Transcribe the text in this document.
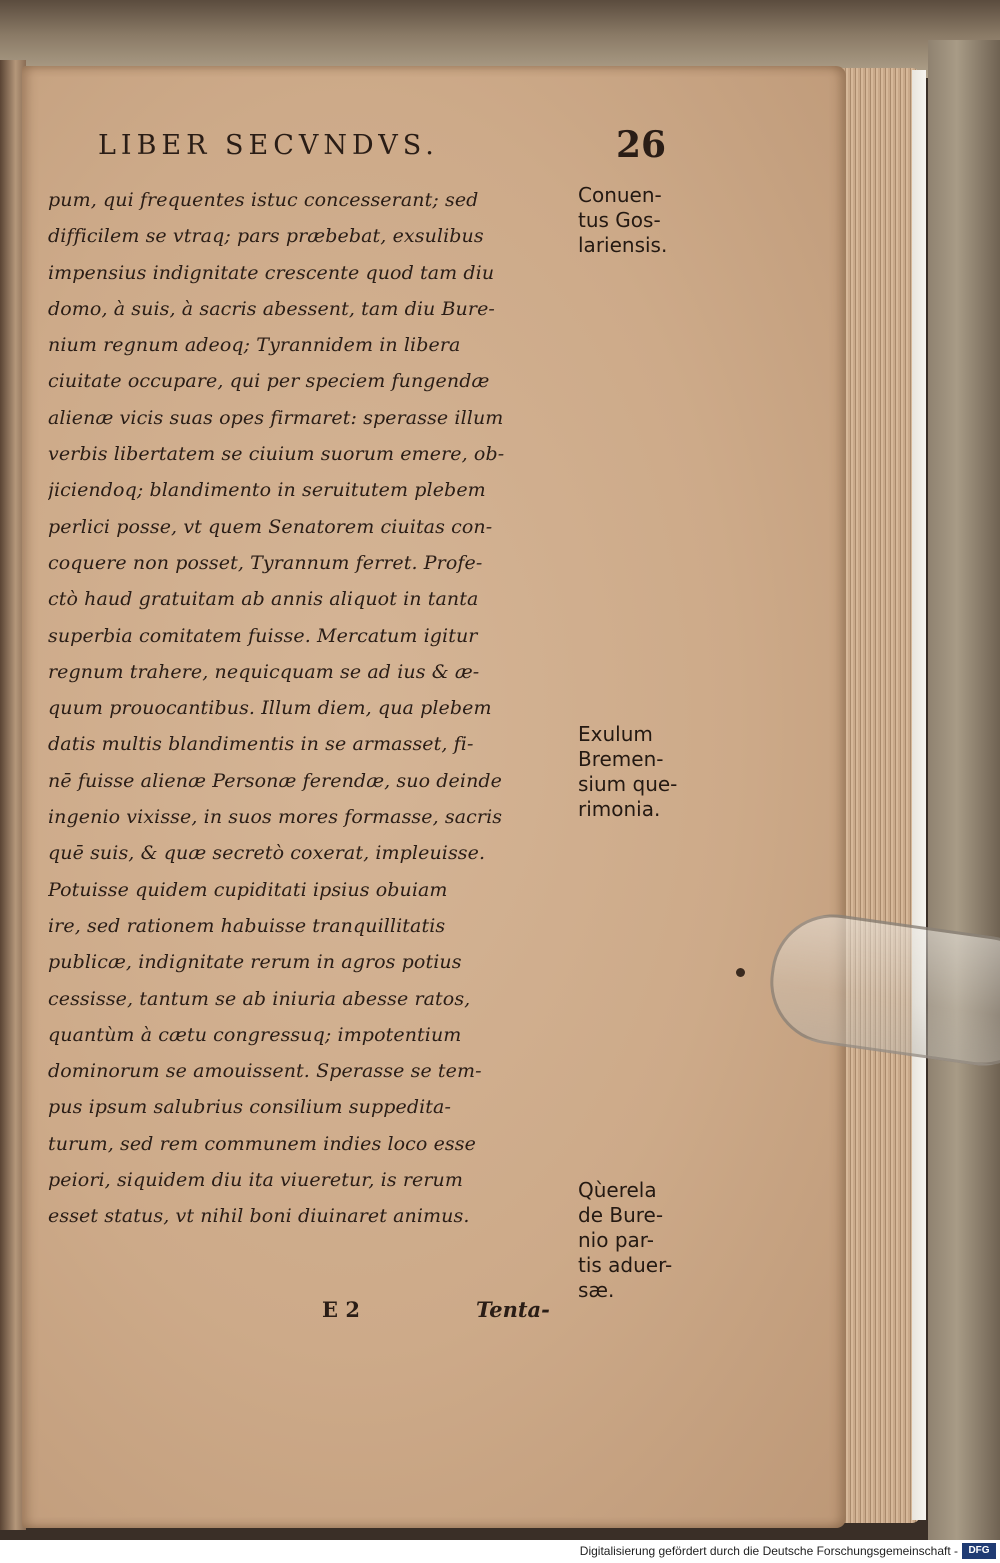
LIBER SECVNDVS.	26
pum, qui frequentes istuc concesserant; sed
difficilem se vtraq; pars præbebat, exsulibus
impensius indignitate crescente quod tam diu
domo, à suis, à sacris abessent, tam diu Bure-
nium regnum adeoq; Tyrannidem in libera
ciuitate occupare, qui per speciem fungendæ
alienæ vicis suas opes firmaret: sperasse illum
verbis libertatem se ciuium suorum emere, ob-
jiciendoq; blandimento in seruitutem plebem
perlici posse, vt quem Senatorem ciuitas con-
coquere non posset, Tyrannum ferret. Profe-
ctò haud gratuitam ab annis aliquot in tanta
superbia comitatem fuisse. Mercatum igitur
regnum trahere, nequicquam se ad ius & æ-
quum prouocantibus. Illum diem, qua plebem
datis multis blandimentis in se armasset, fi-
nē fuisse alienæ Personæ ferendæ, suo deinde
ingenio vixisse, in suos mores formasse, sacris
quē suis, & quæ secretò coxerat, impleuisse.
Potuisse quidem cupiditati ipsius obuiam
ire, sed rationem habuisse tranquillitatis
publicæ, indignitate rerum in agros potius
cessisse, tantum se ab iniuria abesse ratos,
quantùm à cætu congressuq; impotentium
dominorum se amouissent. Sperasse se tem-
pus ipsum salubrius consilium suppedita-
turum, sed rem communem indies loco esse
peiori, siquidem diu ita viueretur, is rerum
esset status, vt nihil boni diuinaret animus.
E 2	Tenta-
Conuen-
tus Gos-
lariensis.
Exulum
Bremen-
sium que-
rimonia.
Qùerela
de Bure-
nio par-
tis aduer-
sæ.
Digitalisierung gefördert durch die Deutsche Forschungsgemeinschaft -	DFG
